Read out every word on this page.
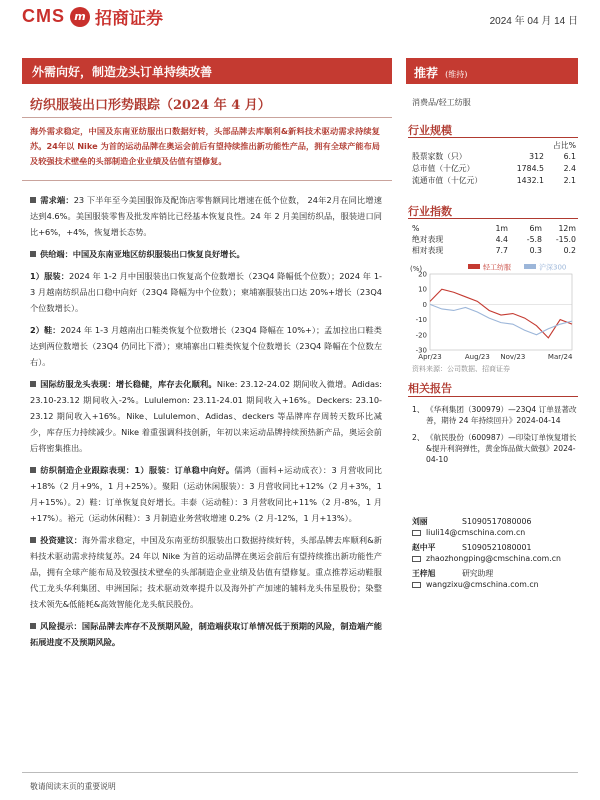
CMS m 招商证券	2024 年 04 月 14 日
外需向好，制造龙头订单持续改善	推荐 (维持)
纺织服装出口形势跟踪（2024 年 4 月）	消费品/轻工纺服
海外需求稳定，中国及东南亚纺服出口数据好转，头部品牌去库顺利&新料技术驱动需求持续复苏。24年以 Nike 为首的运动品牌在奥运会前后有望持续推出新功能性产品，拥有全球产能布局及较强技术壁垒的头部制造企业业绩及估值有望修复。
需求端：23 下半年至今美国服饰及配饰店零售额同比增速在低个位数， 24年2月在同比增速达到4.6%。美国服装零售及批发库销比已经基本恢复良性。24 年 2 月美国纺织品，服装进口同比+6%，+4%，恢复增长态势。
供给端：中国及东南亚地区纺织服装出口恢复良好增长。
1）服装：2024 年 1-2 月中国服装出口恢复高个位数增长（23Q4 降幅低个位数）；2024 年 1-3 月越南纺织品出口稳中向好（23Q4 降幅为中个位数）；柬埔寨服装出口达 20%+增长（23Q4 个位数增长）。
2）鞋：2024 年 1-3 月越南出口鞋类恢复个位数增长（23Q4 降幅在 10%+）；孟加拉出口鞋类达到两位数增长（23Q4 仍同比下滑）；柬埔寨出口鞋类恢复个位数增长（23Q4 降幅在个位数左右）。
国际纺服龙头表现：增长稳健，库存去化顺利。Nike: 23.12-24.02 期间收入微增。Adidas: 23.10-23.12 期间收入-2%。Lululemon: 23.11-24.01 期间收入+16%。Deckers: 23.10-23.12 期间收入+16%。Nike、Lululemon、Adidas、deckers 等品牌库存周转天数环比减少，库存压力持续减少。Nike 着重强调科技创新，年初以来运动品牌持续预热新产品，奥运会前后将密集推出。
纺织制造企业跟踪表现：1）服装：订单稳中向好。儒鸿（面料+运动成衣）：3 月营收同比+18%（2 月+9%，1 月+25%）。聚阳（运动休闲服装）：3 月营收同比+12%（2 月+3%，1 月+15%）。2）鞋：订单恢复良好增长。丰泰（运动鞋）：3 月营收同比+11%（2 月-8%，1 月+17%）。裕元（运动休闲鞋）：3 月制造业务营收增速 0.2%（2 月-12%，1 月+13%）。
投资建议：海外需求稳定，中国及东南亚纺织服装出口数据持续好转，头部品牌去库顺利&新料技术驱动需求持续复苏。24 年以 Nike 为首的运动品牌在奥运会前后有望持续推出新功能性产品，拥有全球产能布局及较强技术壁垒的头部制造企业业绩及估值有望修复。重点推荐运动鞋服代工龙头华利集团、申洲国际；技术驱动效率提升以及海外扩产加速的辅料龙头伟星股份；染整技术领先&低能耗&高效智能化龙头航民股份。
风险提示：国际品牌去库存不及预期风险，制造端获取订单情况低于预期的风险，制造端产能拓展进度不及预期风险。
行业规模
占比%
股票家数（只）	312	6.1
总市值（十亿元）	1784.5	2.4
流通市值（十亿元）	1432.1	2.1
行业指数
%	1m	6m	12m
绝对表现	4.4	-5.8	-15.0
相对表现	7.7	0.3	0.2
20
10
0
-10
-20
-30
(%)
Apr/23	Aug/23 Nov/23	Mar/24
轻工纺服	沪深300
资料来源：公司数据、招商证券
相关报告
1、 《华利集团（300979）—23Q4 订单显著改善，期待 24 年持续回升》2024-04-14
2、 《航民股份（600987）—印染订单恢复增长&提升利润弹性，黄金饰品做大做强》2024-04-10
刘丽	S1090517080006
liuli14@cmschina.com.cn
赵中平	S1090521080001
zhaozhongping@cmschina.com.cn
王梓旭	研究助理
wangzixu@cmschina.com.cn
敬请阅读末页的重要说明
